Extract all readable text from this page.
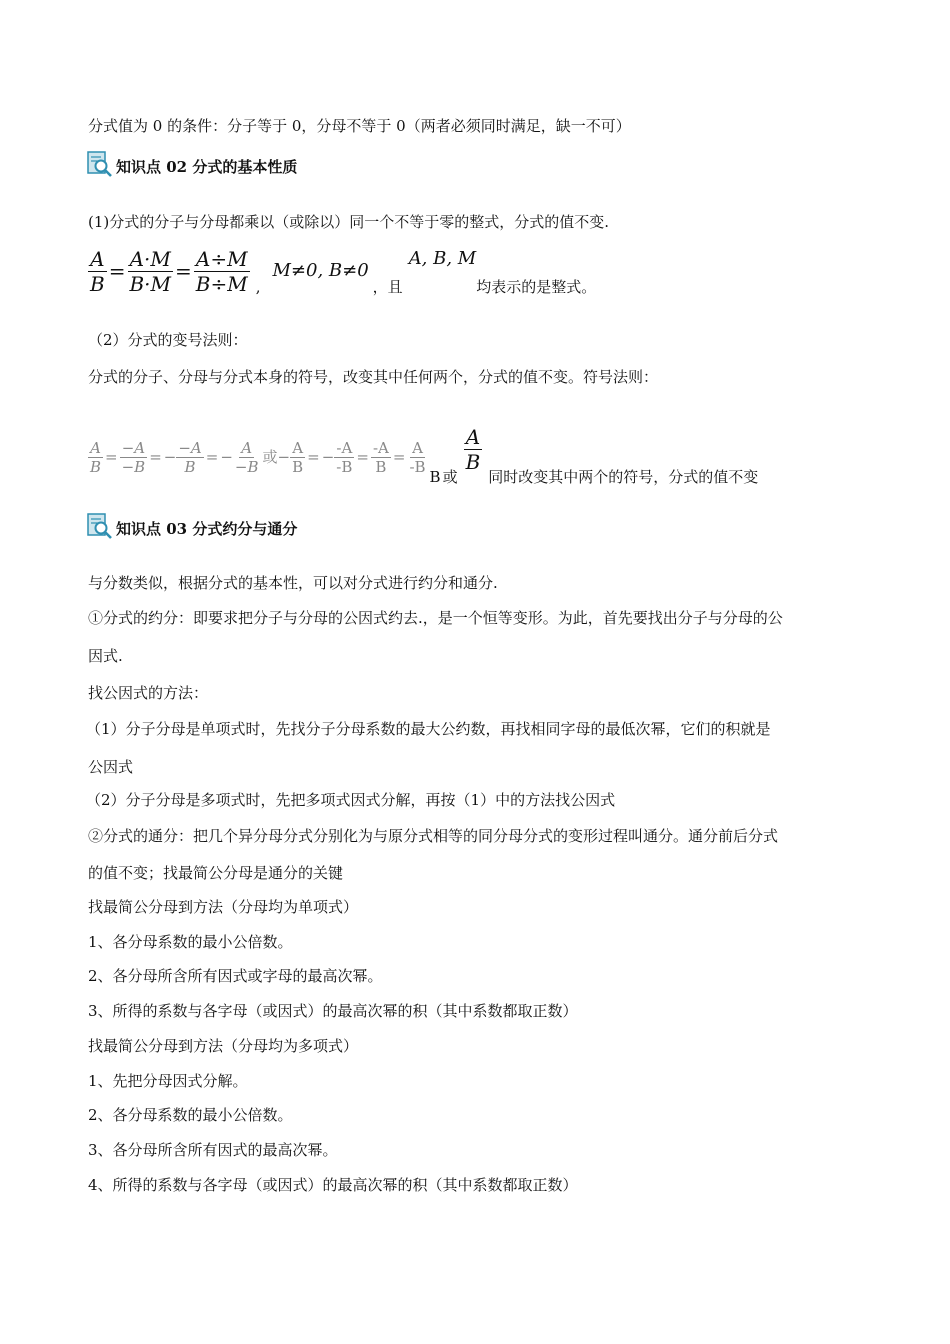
分式值为 0 的条件：分子等于 0，分母不等于 0（两者必须同时满足，缺一不可）
知识点 02 分式的基本性质
(1)分式的分子与分母都乘以（或除以）同一个不等于零的整式，分式的值不变.
$\frac{A}{B} = \frac{A\cdot M}{B\cdot M} = \frac{A\div M}{B\div M}$ ,
M≠0, B≠0
，且
A, B, M
均表示的是整式。
（2）分式的变号法则：
分式的分子、分母与分式本身的符号，改变其中任何两个，分式的值不变。符号法则：
$\frac{A}{B} = \frac{-A}{-B}$ = − $\frac{-A}{B}$ = − $\frac{A}{-B}$ 或 − $\frac{A}{B}$ = − $\frac{-A}{-B} = \frac{-A}{B} = \frac{A}{-B}$
B 或
$\frac{A}{B}$
同时改变其中两个的符号，分式的值不变
知识点 03 分式约分与通分
与分数类似，根据分式的基本性，可以对分式进行约分和通分.
①分式的约分：即要求把分子与分母的公因式约去.，是一个恒等变形。为此，首先要找出分子与分母的公
因式.
找公因式的方法：
（1）分子分母是单项式时，先找分子分母系数的最大公约数，再找相同字母的最低次幂，它们的积就是
公因式
（2）分子分母是多项式时，先把多项式因式分解，再按（1）中的方法找公因式
②分式的通分：把几个异分母分式分别化为与原分式相等的同分母分式的变形过程叫通分。通分前后分式
的值不变；找最简公分母是通分的关键
找最简公分母到方法（分母均为单项式）
1、各分母系数的最小公倍数。
2、各分母所含所有因式或字母的最高次幂。
3、所得的系数与各字母（或因式）的最高次幂的积（其中系数都取正数）
找最简公分母到方法（分母均为多项式）
1、先把分母因式分解。
2、各分母系数的最小公倍数。
3、各分母所含所有因式的最高次幂。
4、所得的系数与各字母（或因式）的最高次幂的积（其中系数都取正数）
